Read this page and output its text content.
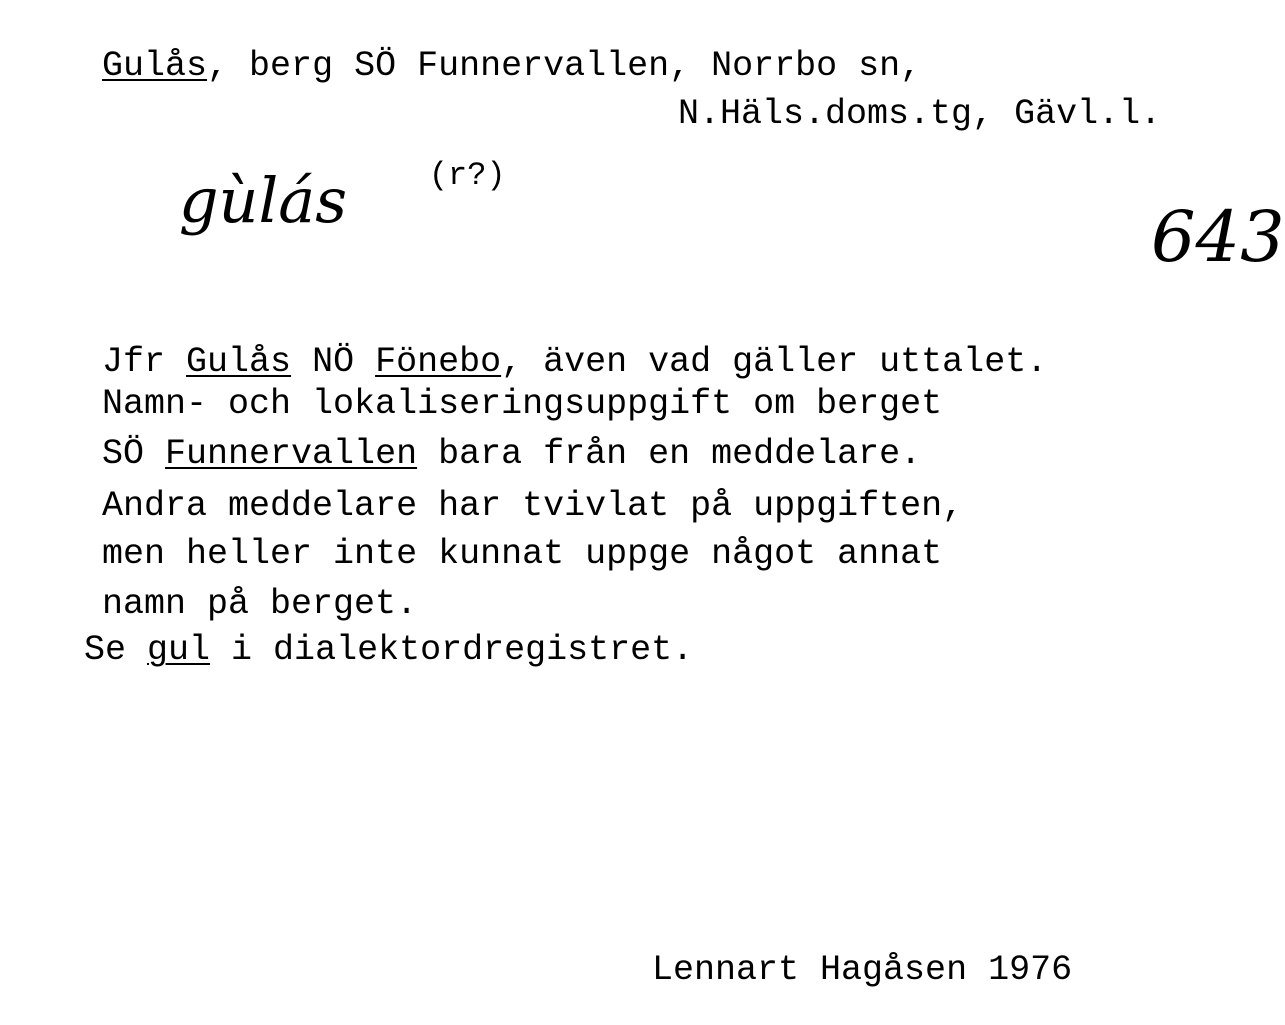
Gulås, berg SÖ Funnervallen, Norrbo sn,

N.Häls.doms.tg, Gävl.l.

gùlás
	(r?)

643

Jfr Gulås NÖ Fönebo, även vad gäller uttalet.

Namn- och lokaliseringsuppgift om berget

SÖ Funnervallen bara från en meddelare.

Andra meddelare har tvivlat på uppgiften,

men heller inte kunnat uppge något annat

namn på berget.

Se gul i dialektordregistret.

Lennart Hagåsen 1976
